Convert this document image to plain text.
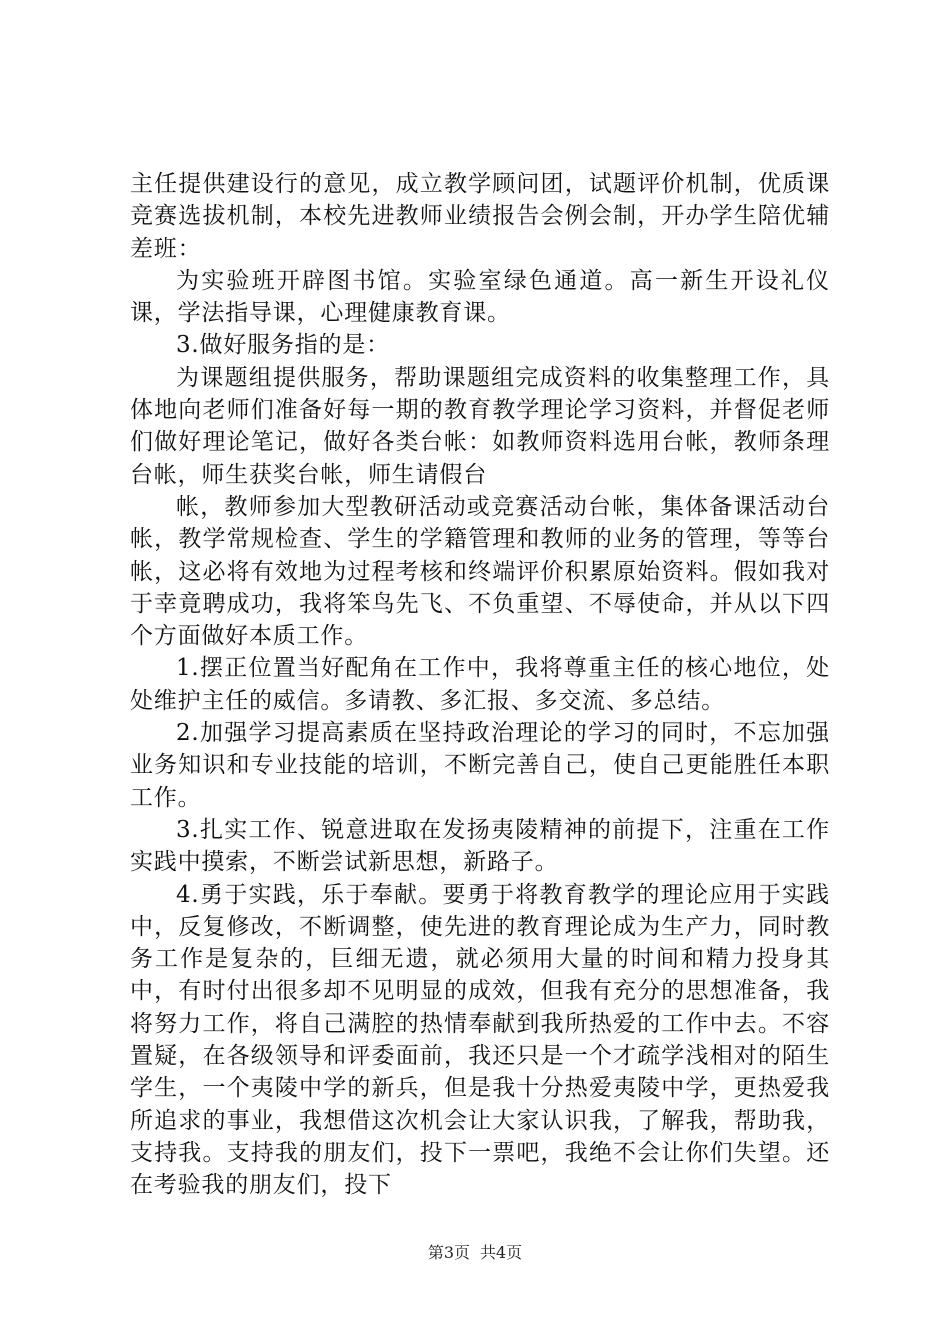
主任提供建设行的意见，成立教学顾问团，试题评价机制，优质课竞赛选拔机制，本校先进教师业绩报告会例会制，开办学生陪优辅差班：

为实验班开辟图书馆。实验室绿色通道。高一新生开设礼仪课，学法指导课，心理健康教育课。

3.做好服务指的是：

为课题组提供服务，帮助课题组完成资料的收集整理工作，具体地向老师们准备好每一期的教育教学理论学习资料，并督促老师们做好理论笔记，做好各类台帐：如教师资料选用台帐，教师条理台帐，师生获奖台帐，师生请假台

帐，教师参加大型教研活动或竞赛活动台帐，集体备课活动台帐，教学常规检查、学生的学籍管理和教师的业务的管理，等等台帐，这必将有效地为过程考核和终端评价积累原始资料。假如我对于幸竟聘成功，我将笨鸟先飞、不负重望、不辱使命，并从以下四个方面做好本质工作。

1.摆正位置当好配角在工作中，我将尊重主任的核心地位，处处维护主任的威信。多请教、多汇报、多交流、多总结。

2.加强学习提高素质在坚持政治理论的学习的同时，不忘加强业务知识和专业技能的培训，不断完善自己，使自己更能胜任本职工作。

3.扎实工作、锐意进取在发扬夷陵精神的前提下，注重在工作实践中摸索，不断尝试新思想，新路子。

4.勇于实践，乐于奉献。要勇于将教育教学的理论应用于实践中，反复修改，不断调整，使先进的教育理论成为生产力，同时教务工作是复杂的，巨细无遗，就必须用大量的时间和精力投身其中，有时付出很多却不见明显的成效，但我有充分的思想准备，我将努力工作，将自己满腔的热情奉献到我所热爱的工作中去。不容置疑，在各级领导和评委面前，我还只是一个才疏学浅相对的陌生学生，一个夷陵中学的新兵，但是我十分热爱夷陵中学，更热爱我所追求的事业，我想借这次机会让大家认识我，了解我，帮助我，支持我。支持我的朋友们，投下一票吧，我绝不会让你们失望。还在考验我的朋友们，投下

第3页 共4页
